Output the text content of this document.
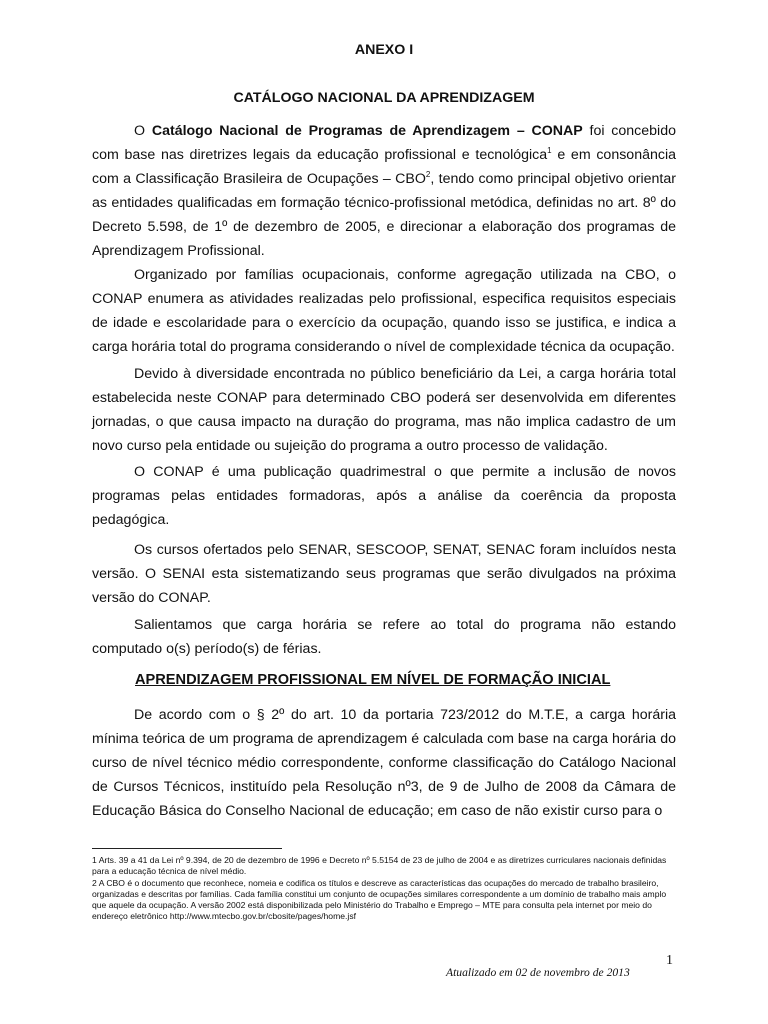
ANEXO I
CATÁLOGO NACIONAL DA APRENDIZAGEM

O Catálogo Nacional de Programas de Aprendizagem – CONAP foi concebido com base nas diretrizes legais da educação profissional e tecnológica$^1$ e em consonância com a Classificação Brasileira de Ocupações – CBO$^2$, tendo como principal objetivo orientar as entidades qualificadas em formação técnico-profissional metódica, definidas no art. 8º do Decreto 5.598, de 1º de dezembro de 2005, e direcionar a elaboração dos programas de Aprendizagem Profissional.

Organizado por famílias ocupacionais, conforme agregação utilizada na CBO, o CONAP enumera as atividades realizadas pelo profissional, especifica requisitos especiais de idade e escolaridade para o exercício da ocupação, quando isso se justifica, e indica a carga horária total do programa considerando o nível de complexidade técnica da ocupação.

Devido à diversidade encontrada no público beneficiário da Lei, a carga horária total estabelecida neste CONAP para determinado CBO poderá ser desenvolvida em diferentes jornadas, o que causa impacto na duração do programa, mas não implica cadastro de um novo curso pela entidade ou sujeição do programa a outro processo de validação.

O CONAP é uma publicação quadrimestral o que permite a inclusão de novos programas pelas entidades formadoras, após a análise da coerência da proposta pedagógica.

Os cursos ofertados pelo SENAR, SESCOOP, SENAT, SENAC foram incluídos nesta versão. O SENAI esta sistematizando seus programas que serão divulgados na próxima versão do CONAP.

Salientamos que carga horária se refere ao total do programa não estando computado o(s) período(s) de férias.

APRENDIZAGEM PROFISSIONAL EM NÍVEL DE FORMAÇÃO INICIAL

De acordo com o § 2º do art. 10 da portaria 723/2012 do M.T.E, a carga horária mínima teórica de um programa de aprendizagem é calculada com base na carga horária do curso de nível técnico médio correspondente, conforme classificação do Catálogo Nacional de Cursos Técnicos, instituído pela Resolução nº3, de 9 de Julho de 2008 da Câmara de Educação Básica do Conselho Nacional de educação; em caso de não existir curso para o

1 Arts. 39 a 41 da Lei nº 9.394, de 20 de dezembro de 1996 e Decreto nº 5.5154 de 23 de julho de 2004 e as diretrizes curriculares nacionais definidas para a educação técnica de nível médio.

2 A CBO é o documento que reconhece, nomeia e codifica os títulos e descreve as características das ocupações do mercado de trabalho brasileiro, organizadas e descritas por famílias. Cada família constitui um conjunto de ocupações similares correspondente a um domínio de trabalho mais amplo que aquele da ocupação. A versão 2002 está disponibilizada pelo Ministério do Trabalho e Emprego – MTE para consulta pela internet por meio do endereço eletrônico http://www.mtecbo.gov.br/cbosite/pages/home.jsf

1
Atualizado em 02 de novembro de 2013
